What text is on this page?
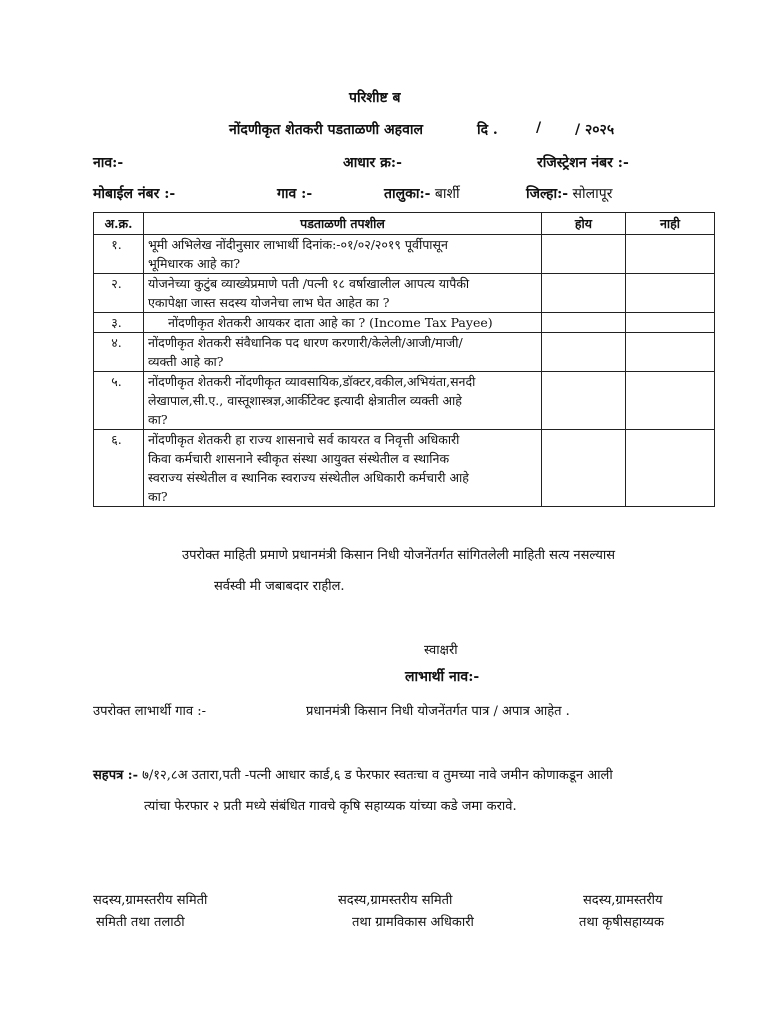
परिशीष्ट ब
नोंदणीकृत शेतकरी पडताळणी अहवाल	दि .	/ / २०२५
नाव:-	आधार क्र:-	रजिस्ट्रेशन नंबर :-
मोबाईल नंबर :-	गाव :-	तालुका:- बार्शी	जिल्हा:- सोलापूर
अ.क्र.	पडताळणी तपशील	होय	नाही
१.	भूमी अभिलेख नोंदीनुसार लाभार्थी दिनांक:-०१/०२/२०१९ पूर्वीपासून
भूमिधारक आहे का?		

२.	योजनेच्या कुटुंब व्याख्येप्रमाणे पती /पत्नी १८ वर्षाखालील आपत्य यापैकी
एकापेक्षा जास्त सदस्य योजनेचा लाभ घेत आहेत का ?		

३.	नोंदणीकृत शेतकरी आयकर दाता आहे का ? (Income Tax Payee)		

४.	नोंदणीकृत शेतकरी संवैधानिक पद धारण करणारी/केलेली/आजी/माजी/
व्यक्ती आहे का?		

५.	नोंदणीकृत शेतकरी नोंदणीकृत व्यावसायिक,डॉक्टर,वकील,अभियंता,सनदी
लेखापाल,सी.ए., वास्तूशास्त्रज्ञ,आर्कीटेक्ट इत्यादी क्षेत्रातील व्यक्ती आहे
का?		

६.	नोंदणीकृत शेतकरी हा राज्य शासनाचे सर्व कायरत व निवृत्ती अधिकारी
किवा कर्मचारी शासनाने स्वीकृत संस्था आयुक्त संस्थेतील व स्थानिक
स्वराज्य संस्थेतील व स्थानिक स्वराज्य संस्थेतील अधिकारी कर्मचारी आहे
का?		

उपरोक्त माहिती प्रमाणे प्रधानमंत्री किसान निधी योजनेंतर्गत सांगितलेली माहिती सत्य नसल्यास
सर्वस्वी मी जबाबदार राहील.
स्वाक्षरी
लाभार्थी नाव:-
उपरोक्त लाभार्थी गाव :-	प्रधानमंत्री किसान निधी योजनेंतर्गत पात्र / अपात्र आहेत .
सहपत्र :- ७/१२,८अ उतारा,पती -पत्नी आधार कार्ड,६ ड फेरफार स्वतःचा व तुमच्या नावे जमीन कोणाकडून आली
त्यांचा फेरफार २ प्रती मध्ये संबंधित गावचे कृषि सहाय्यक यांच्या कडे जमा करावे.
सदस्य,ग्रामस्तरीय समिती
समिती तथा तलाठी
सदस्य,ग्रामस्तरीय समिती
तथा ग्रामविकास अधिकारी
सदस्य,ग्रामस्तरीय
तथा कृषीसहाय्यक
